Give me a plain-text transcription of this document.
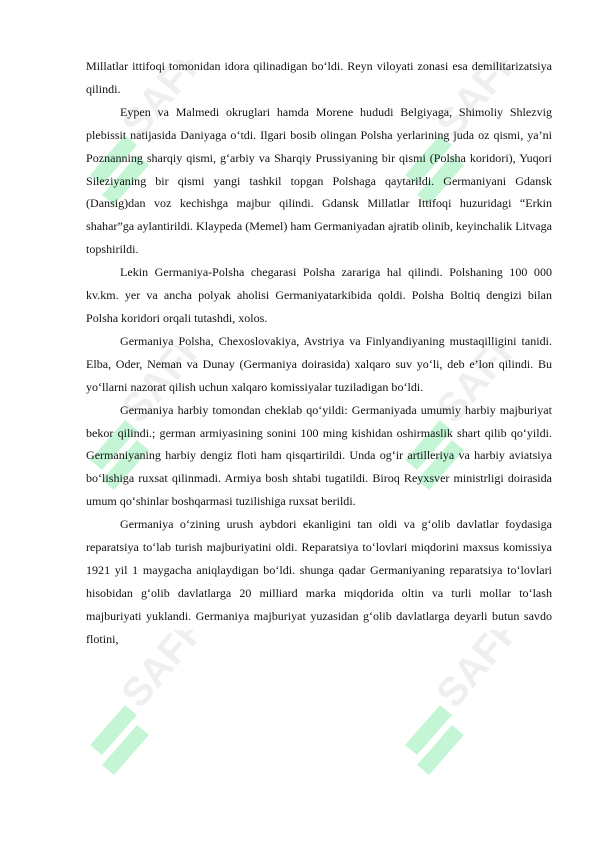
SAFF	SAFF
SAFF	SAFF
SAFF	SAFF

Millatlar ittifoqi tomonidan idora qilinadigan bo‘ldi. Reyn viloyati zonasi esa demilitarizatsiya qilindi.

Eypen va Malmedi okruglari hamda Morene hududi Belgiyaga, Shimoliy Shlezvig plebissit natijasida Daniyaga o‘tdi. Ilgari bosib olingan Polsha yerlarining juda oz qismi, ya’ni Poznanning sharqiy qismi, g‘arbiy va Sharqiy Prussiyaning bir qismi (Polsha koridori), Yuqori Sileziyaning bir qismi yangi tashkil topgan Polshaga qaytarildi. Germaniyani Gdansk (Dansig)dan voz kechishga majbur qilindi. Gdansk Millatlar Ittifoqi huzuridagi “Erkin shahar”ga aylantirildi. Klaypeda (Memel) ham Germaniyadan ajratib olinib, keyinchalik Litvaga topshirildi.

Lekin Germaniya-Polsha chegarasi Polsha zarariga hal qilindi. Polshaning 100 000 kv.km. yer va ancha polyak aholisi Germaniyatarkibida qoldi. Polsha Boltiq dengizi bilan Polsha koridori orqali tutashdi, xolos.

Germaniya Polsha, Chexoslovakiya, Avstriya va Finlyandiyaning mustaqilligini tanidi. Elba, Oder, Neman va Dunay (Germaniya doirasida) xalqaro suv yo‘li, deb e’lon qilindi. Bu yo‘llarni nazorat qilish uchun xalqaro komissiyalar tuziladigan bo‘ldi.

Germaniya harbiy tomondan cheklab qo‘yildi: Germaniyada umumiy harbiy majburiyat bekor qilindi.; german armiyasining sonini 100 ming kishidan oshirmaslik shart qilib qo‘yildi. Germaniyaning harbiy dengiz floti ham qisqartirildi. Unda og‘ir artilleriya va harbiy aviatsiya bo‘lishiga ruxsat qilinmadi. Armiya bosh shtabi tugatildi. Biroq Reyxsver ministrligi doirasida umum qo‘shinlar boshqarmasi tuzilishiga ruxsat berildi.

Germaniya o‘zining urush aybdori ekanligini tan oldi va g‘olib davlatlar foydasiga reparatsiya to‘lab turish majburiyatini oldi. Reparatsiya to‘lovlari miqdorini maxsus komissiya 1921 yil 1 maygacha aniqlaydigan bo‘ldi. shunga qadar Germaniyaning reparatsiya to‘lovlari hisobidan g‘olib davlatlarga 20 milliard marka miqdorida oltin va turli mollar to‘lash majburiyati yuklandi. Germaniya majburiyat yuzasidan g‘olib davlatlarga deyarli butun savdo flotini,
